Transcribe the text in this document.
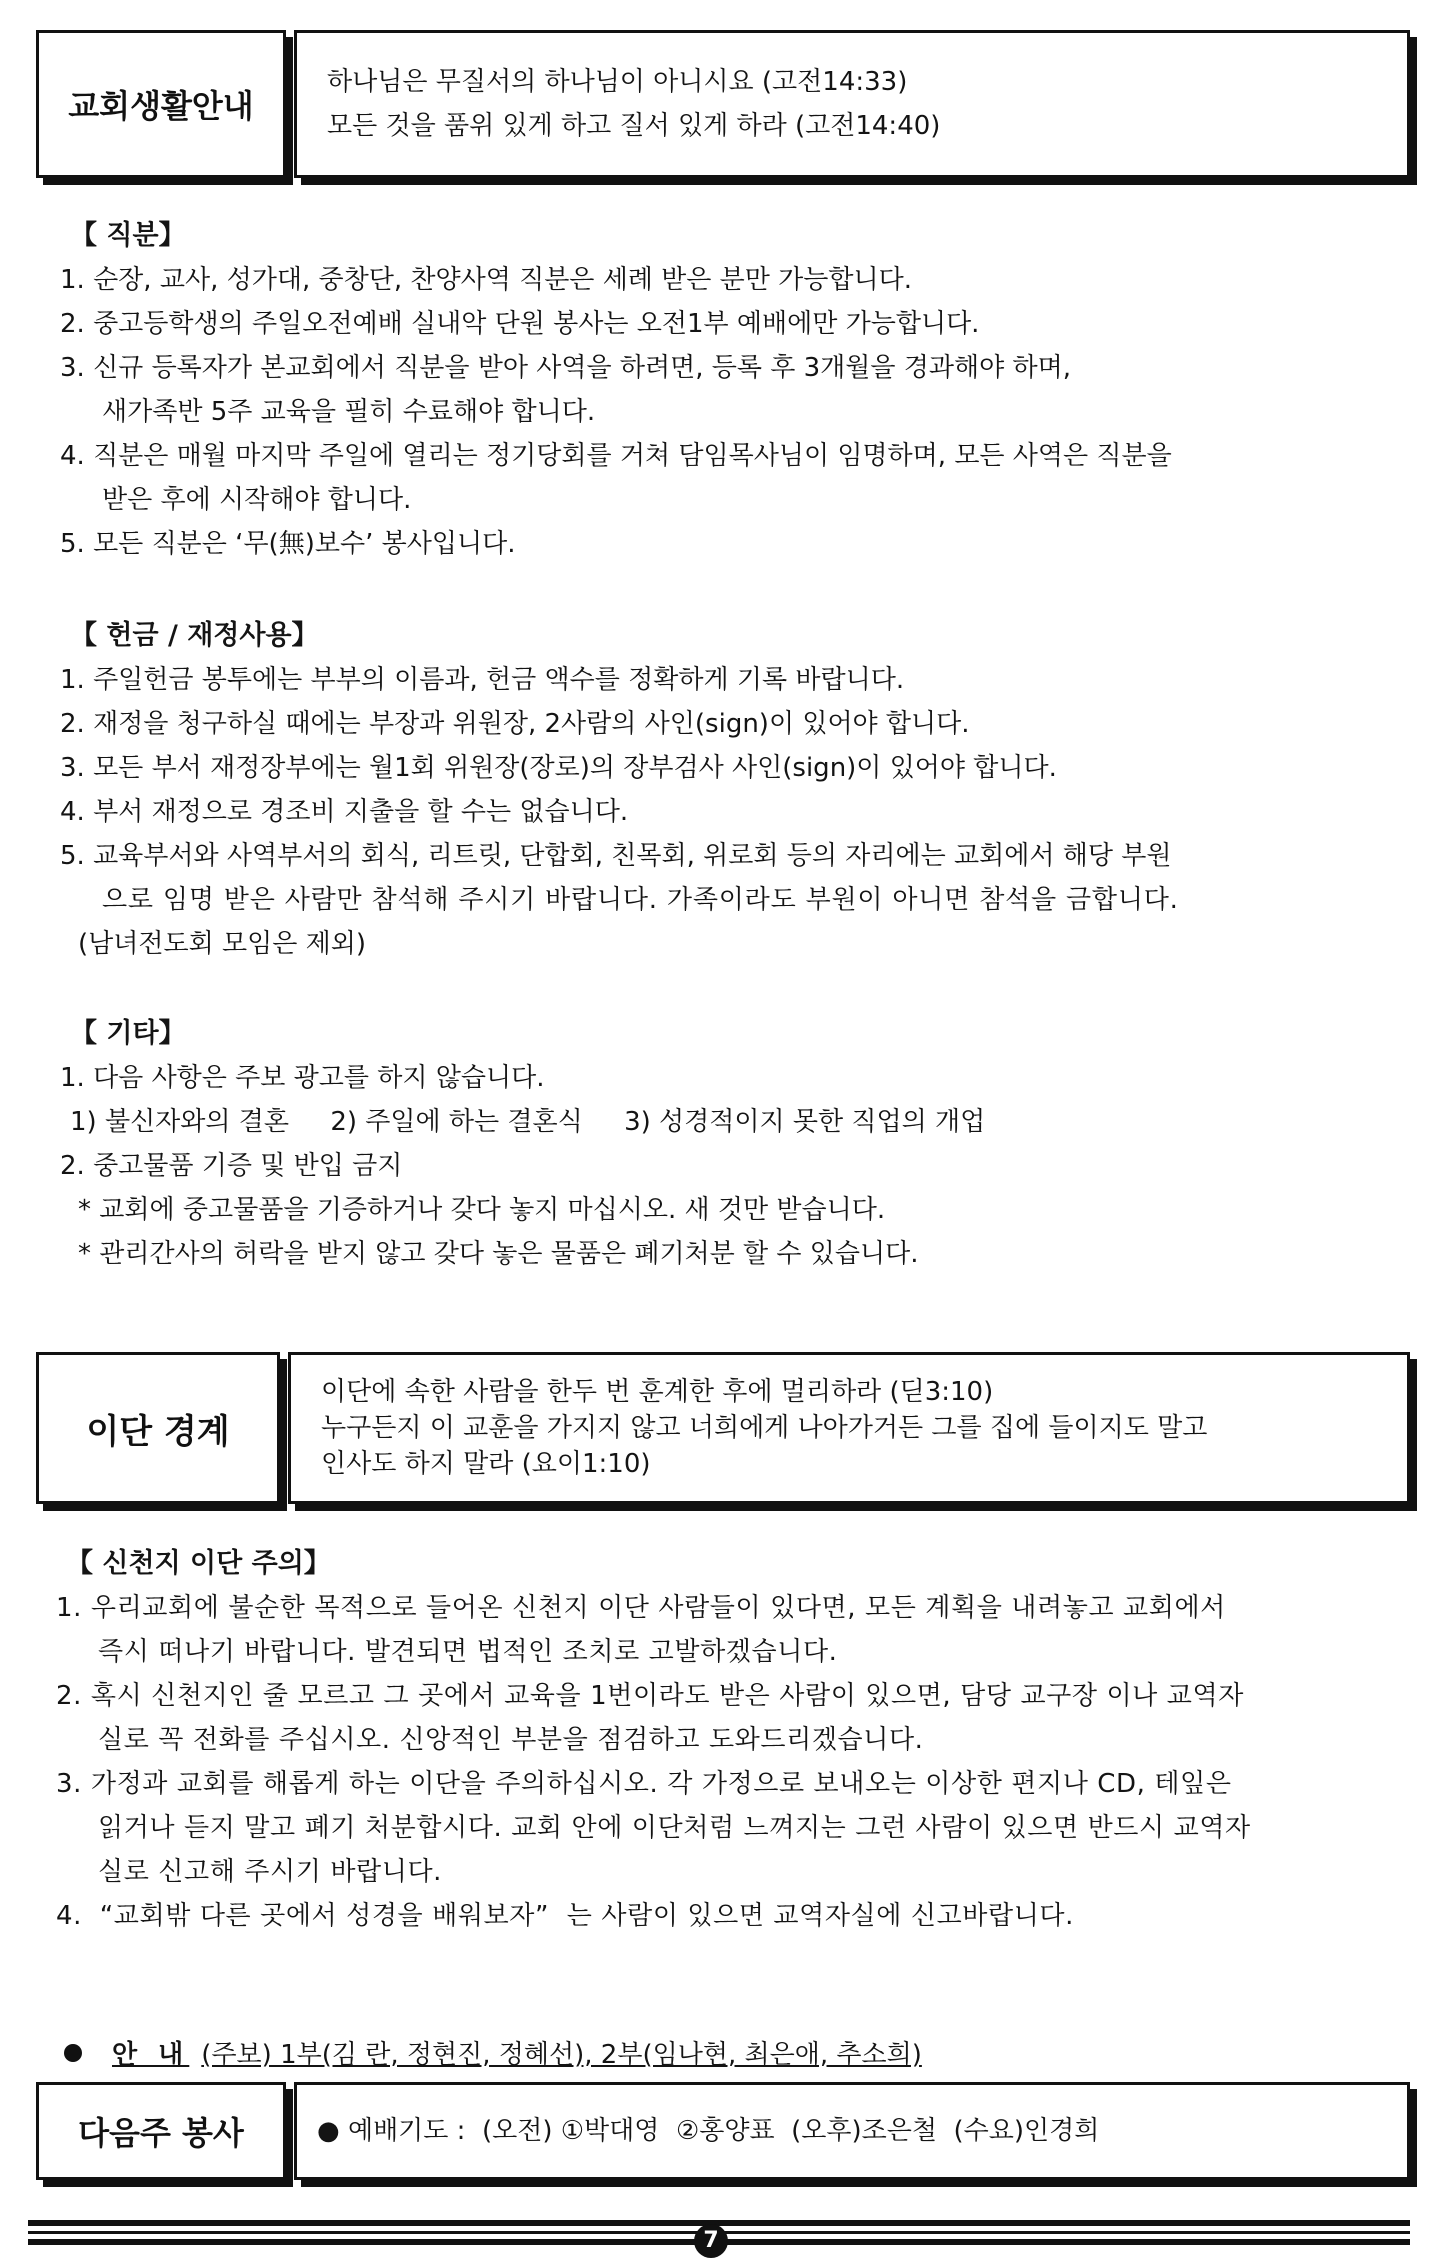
교회생활안내
하나님은 무질서의 하나님이 아니시요 (고전14:33)
모든 것을 품위 있게 하고 질서 있게 하라 (고전14:40)
【 직분】
1. 순장, 교사, 성가대, 중창단, 찬양사역 직분은 세례 받은 분만 가능합니다.
2. 중고등학생의 주일오전예배 실내악 단원 봉사는 오전1부 예배에만 가능합니다.
3. 신규 등록자가 본교회에서 직분을 받아 사역을 하려면, 등록 후 3개월을 경과해야 하며,
새가족반 5주 교육을 필히 수료해야 합니다.
4. 직분은 매월 마지막 주일에 열리는 정기당회를 거쳐 담임목사님이 임명하며, 모든 사역은 직분을
받은 후에 시작해야 합니다.
5. 모든 직분은 ‘무(無)보수’ 봉사입니다.
【 헌금 / 재정사용】
1. 주일헌금 봉투에는 부부의 이름과, 헌금 액수를 정확하게 기록 바랍니다.
2. 재정을 청구하실 때에는 부장과 위원장, 2사람의 사인(sign)이 있어야 합니다.
3. 모든 부서 재정장부에는 월1회 위원장(장로)의 장부검사 사인(sign)이 있어야 합니다.
4. 부서 재정으로 경조비 지출을 할 수는 없습니다.
5. 교육부서와 사역부서의 회식, 리트릿, 단합회, 친목회, 위로회 등의 자리에는 교회에서 해당 부원
으로 임명 받은 사람만 참석해 주시기 바랍니다. 가족이라도 부원이 아니면 참석을 금합니다.
(남녀전도회 모임은 제외)
【 기타】
1. 다음 사항은 주보 광고를 하지 않습니다.
1) 불신자와의 결혼     2) 주일에 하는 결혼식     3) 성경적이지 못한 직업의 개업
2. 중고물품 기증 및 반입 금지
* 교회에 중고물품을 기증하거나 갖다 놓지 마십시오. 새 것만 받습니다.
* 관리간사의 허락을 받지 않고 갖다 놓은 물품은 폐기처분 할 수 있습니다.
이단 경계
이단에 속한 사람을 한두 번 훈계한 후에 멀리하라 (딛3:10)
누구든지 이 교훈을 가지지 않고 너희에게 나아가거든 그를 집에 들이지도 말고
인사도 하지 말라 (요이1:10)
【 신천지 이단 주의】
1. 우리교회에 불순한 목적으로 들어온 신천지 이단 사람들이 있다면, 모든 계획을 내려놓고 교회에서
즉시 떠나기 바랍니다. 발견되면 법적인 조치로 고발하겠습니다.
2. 혹시 신천지인 줄 모르고 그 곳에서 교육을 1번이라도 받은 사람이 있으면, 담당 교구장 이나 교역자
실로 꼭 전화를 주십시오. 신앙적인 부분을 점검하고 도와드리겠습니다.
3. 가정과 교회를 해롭게 하는 이단을 주의하십시오. 각 가정으로 보내오는 이상한 편지나 CD, 테잎은
읽거나 듣지 말고 폐기 처분합시다. 교회 안에 이단처럼 느껴지는 그런 사람이 있으면 반드시 교역자
실로 신고해 주시기 바랍니다.
4.  “교회밖 다른 곳에서 성경을 배워보자”  는 사람이 있으면 교역자실에 신고바랍니다.
안 내 (주보) 1부(김 란, 정현진, 정혜선), 2부(임나현, 최은애, 추소희)
다음주 봉사	● 예배기도 :  (오전) ①박대영  ②홍양표  (오후)조은철  (수요)인경희
7
